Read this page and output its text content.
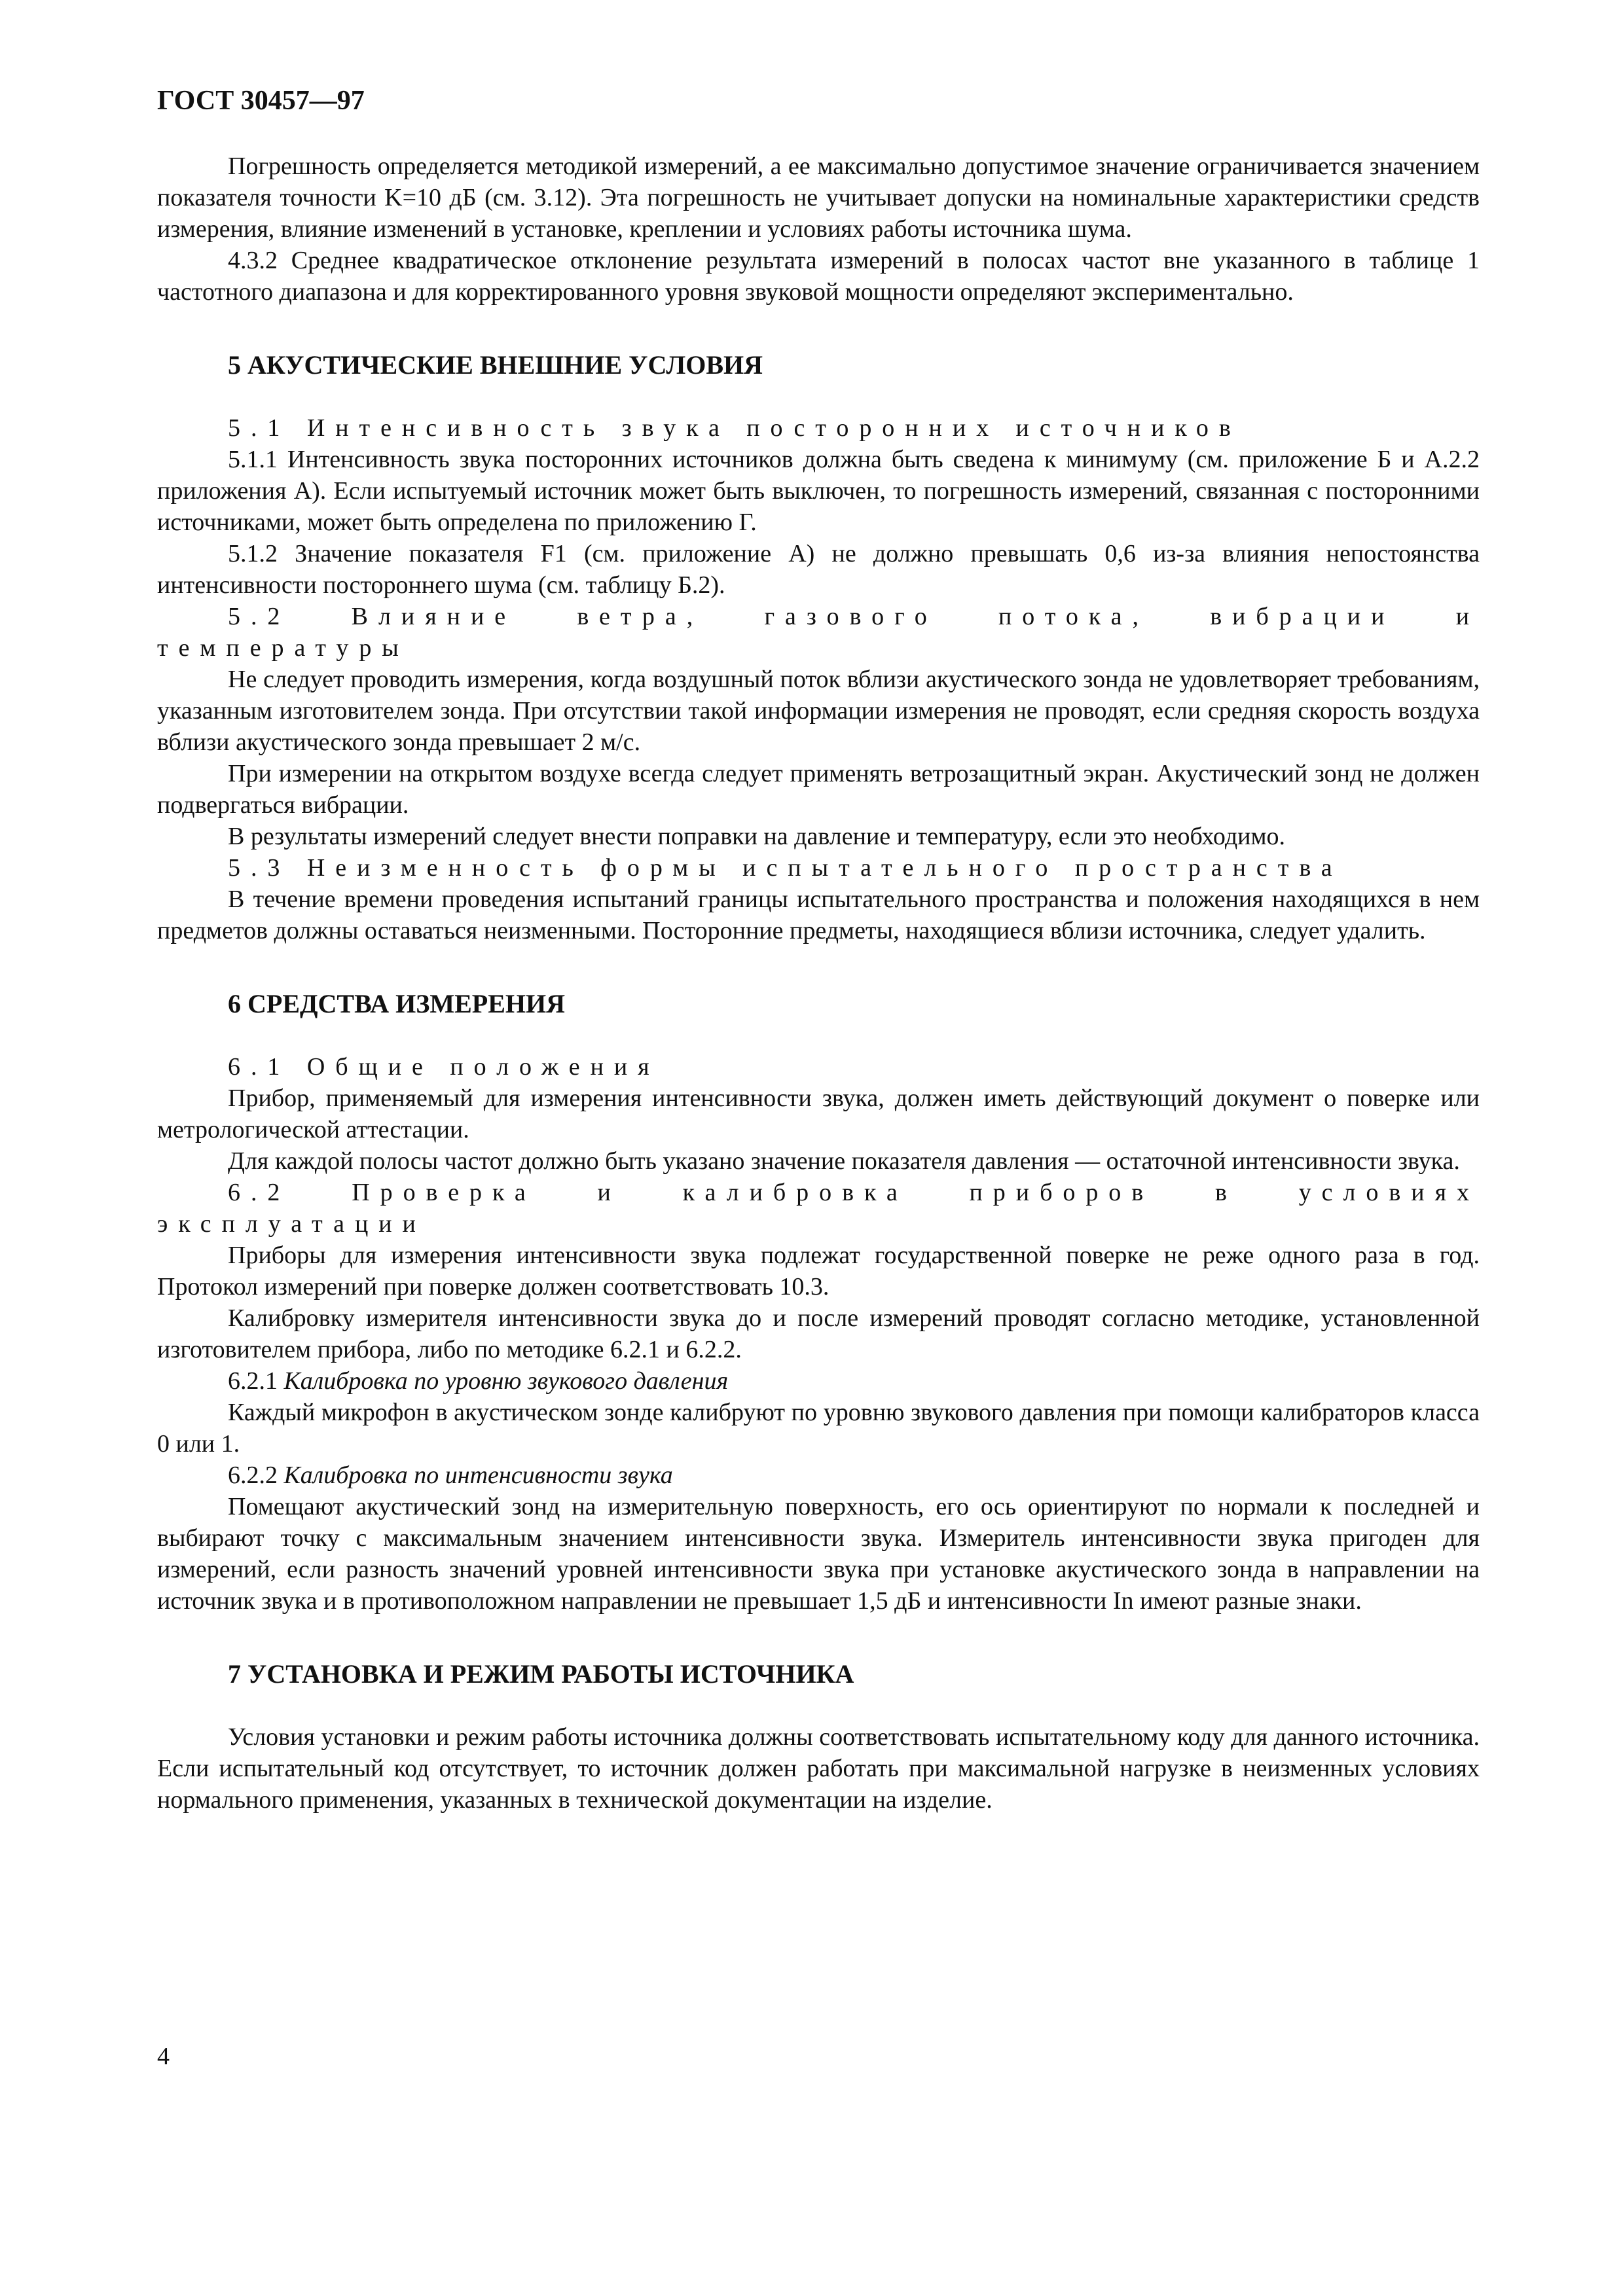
ГОСТ 30457—97

Погрешность определяется методикой измерений, а ее максимально допустимое значение ограничивается значением показателя точности K=10 дБ (см. 3.12). Эта погрешность не учитывает допуски на номинальные характеристики средств измерения, влияние изменений в установке, креплении и условиях работы источника шума.

4.3.2 Среднее квадратическое отклонение результата измерений в полосах частот вне указанного в таблице 1 частотного диапазона и для корректированного уровня звуковой мощности определяют экспериментально.

5 АКУСТИЧЕСКИЕ ВНЕШНИЕ УСЛОВИЯ

5.1 Интенсивность звука посторонних источников

5.1.1 Интенсивность звука посторонних источников должна быть сведена к минимуму (см. приложение Б и А.2.2 приложения А). Если испытуемый источник может быть выключен, то погрешность измерений, связанная с посторонними источниками, может быть определена по приложению Г.

5.1.2 Значение показателя F1 (см. приложение А) не должно превышать 0,6 из-за влияния непостоянства интенсивности постороннего шума (см. таблицу Б.2).

5.2 Влияние ветра, газового потока, вибрации и температуры

Не следует проводить измерения, когда воздушный поток вблизи акустического зонда не удовлетворяет требованиям, указанным изготовителем зонда. При отсутствии такой информации измерения не проводят, если средняя скорость воздуха вблизи акустического зонда превышает 2 м/с.

При измерении на открытом воздухе всегда следует применять ветрозащитный экран. Акустический зонд не должен подвергаться вибрации.

В результаты измерений следует внести поправки на давление и температуру, если это необходимо.

5.3 Неизменность формы испытательного пространства

В течение времени проведения испытаний границы испытательного пространства и положения находящихся в нем предметов должны оставаться неизменными. Посторонние предметы, находящиеся вблизи источника, следует удалить.

6 СРЕДСТВА ИЗМЕРЕНИЯ

6.1 Общие положения

Прибор, применяемый для измерения интенсивности звука, должен иметь действующий документ о поверке или метрологической аттестации.

Для каждой полосы частот должно быть указано значение показателя давления — остаточной интенсивности звука.

6.2 Проверка и калибровка приборов в условиях эксплуатации

Приборы для измерения интенсивности звука подлежат государственной поверке не реже одного раза в год. Протокол измерений при поверке должен соответствовать 10.3.

Калибровку измерителя интенсивности звука до и после измерений проводят согласно методике, установленной изготовителем прибора, либо по методике 6.2.1 и 6.2.2.

6.2.1 Калибровка по уровню звукового давления

Каждый микрофон в акустическом зонде калибруют по уровню звукового давления при помощи калибраторов класса 0 или 1.

6.2.2 Калибровка по интенсивности звука

Помещают акустический зонд на измерительную поверхность, его ось ориентируют по нормали к последней и выбирают точку с максимальным значением интенсивности звука. Измеритель интенсивности звука пригоден для измерений, если разность значений уровней интенсивности звука при установке акустического зонда в направлении на источник звука и в противоположном направлении не превышает 1,5 дБ и интенсивности In имеют разные знаки.

7 УСТАНОВКА И РЕЖИМ РАБОТЫ ИСТОЧНИКА

Условия установки и режим работы источника должны соответствовать испытательному коду для данного источника. Если испытательный код отсутствует, то источник должен работать при максимальной нагрузке в неизменных условиях нормального применения, указанных в технической документации на изделие.

4
